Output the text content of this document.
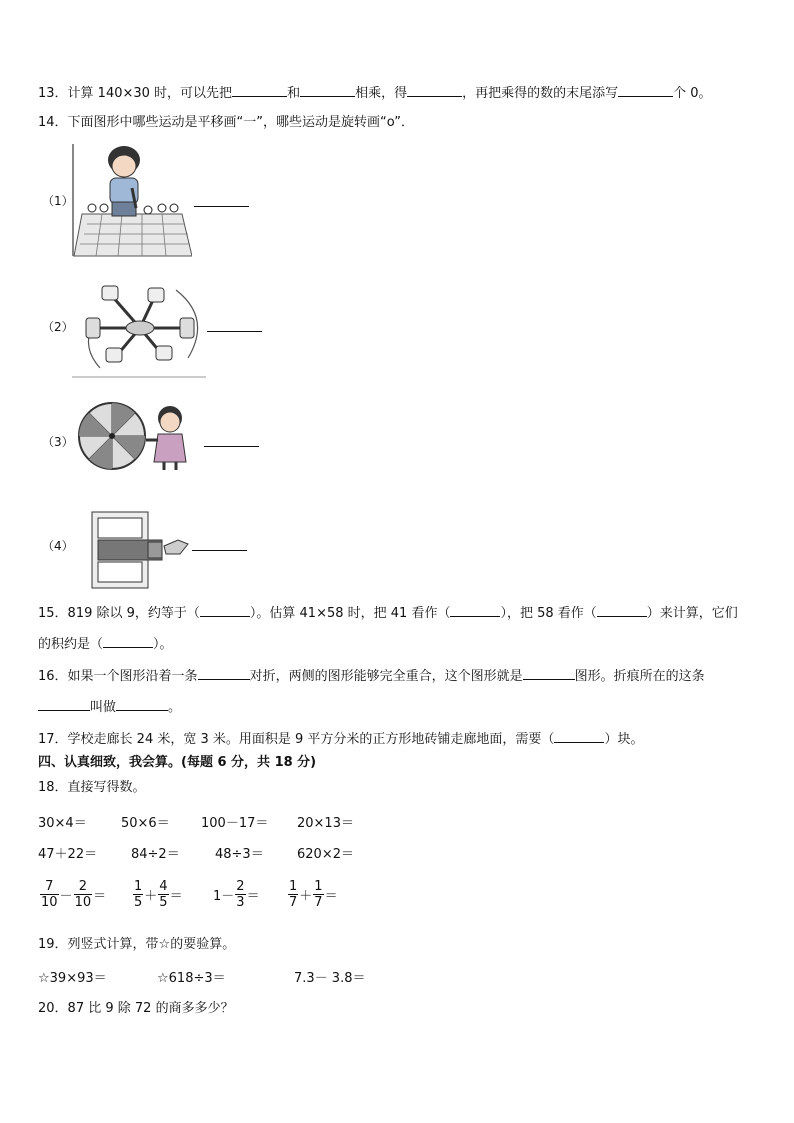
13．计算 140×30 时，可以先把	和	相乘，得	，再把乘得的数的末尾添写	个 0。
14．下面图形中哪些运动是平移画“一”，哪些运动是旋转画“o”．
（1）
（2）
（3）
（4）
15．819 除以 9，约等于（	）。估算 41×58 时，把 41 看作（	），把 58 看作（	）来计算，它们
的积约是（	）。
16．如果一个图形沿着一条	对折，两侧的图形能够完全重合，这个图形就是	图形。折痕所在的这条
叫做	。
17．学校走廊长 24 米，宽 3 米。用面积是 9 平方分米的正方形地砖铺走廊地面，需要（	）块。
四、认真细致，我会算。(每题 6 分，共 18 分)
18．直接写得数。
30×4＝	50×6＝ 100－17＝ 20×13＝
47＋22＝	84÷2＝	48÷3＝	620×2＝
$\frac{7}{10} - \frac{2}{10} = \frac{1}{5} + \frac{4}{5} = 1- \frac{2}{3} = \frac{1}{7} + \frac{1}{7}$ ＝
19．列竖式计算，带☆的要验算。
☆39×93＝	☆618÷3＝	7.3－ 3.8＝
20．87 比 9 除 72 的商多多少？
